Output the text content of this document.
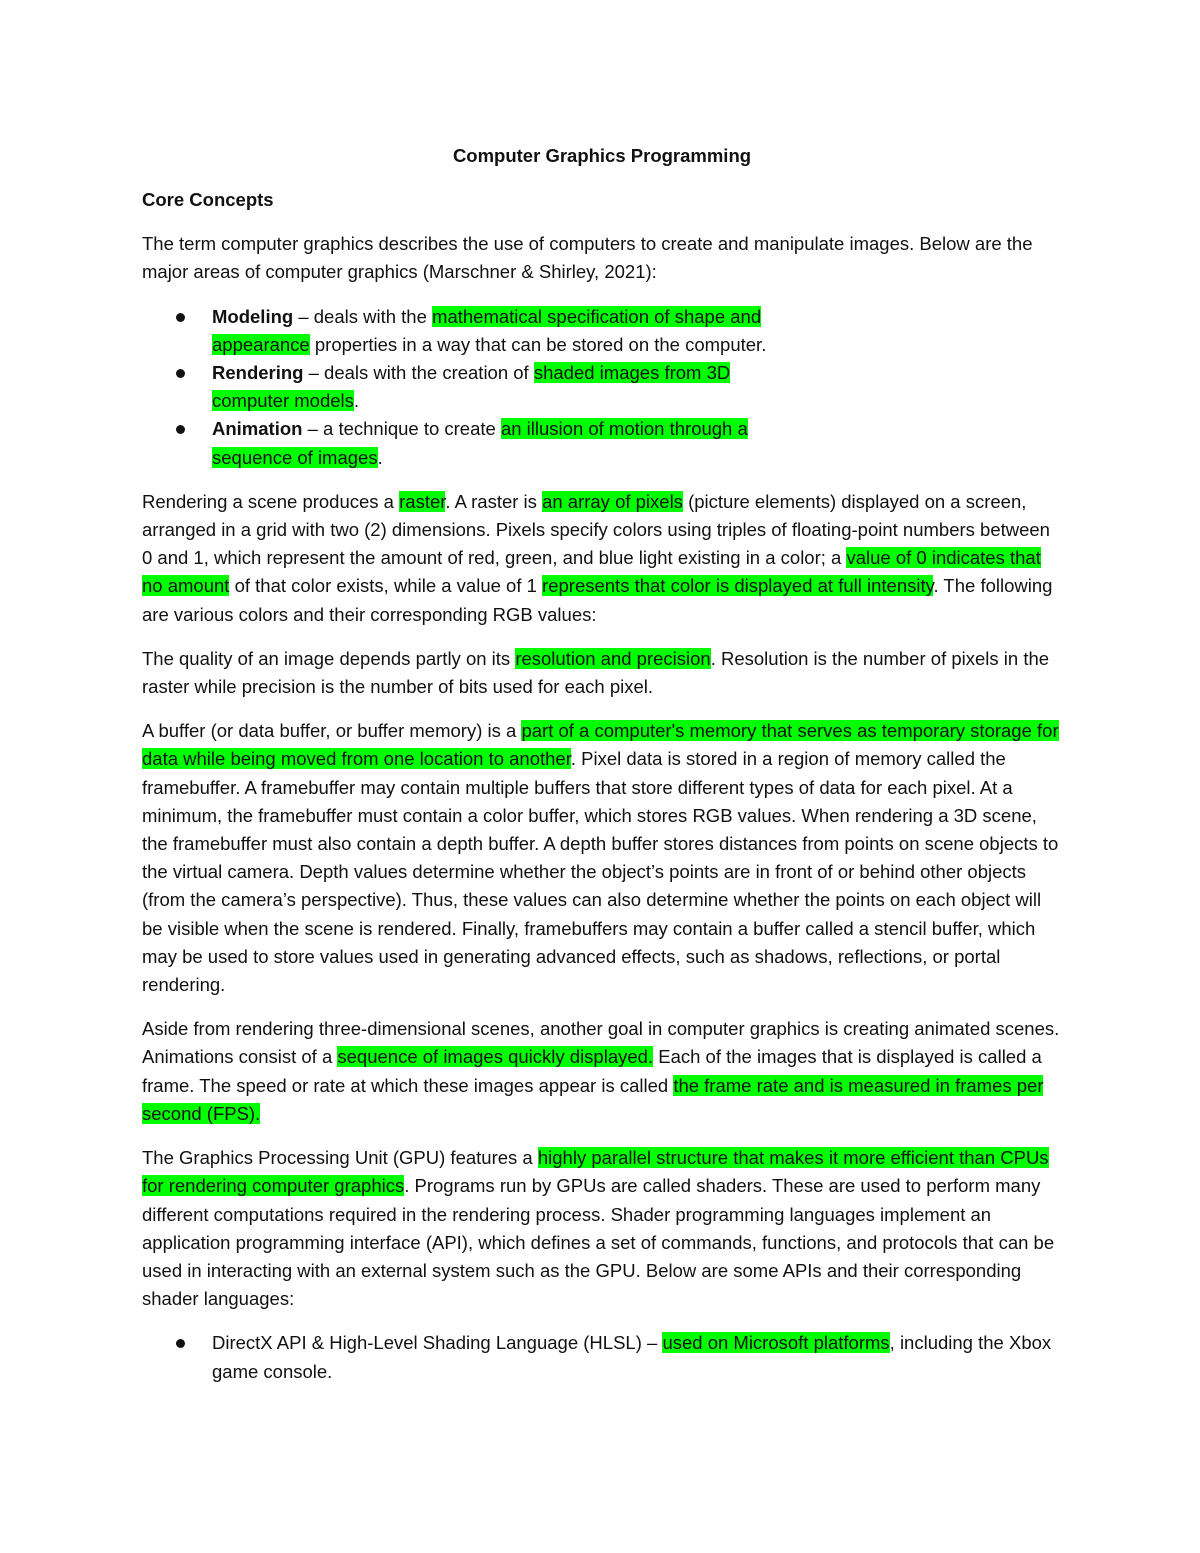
Computer Graphics Programming
Core Concepts

The term computer graphics describes the use of computers to create and manipulate images. Below are the major areas of computer graphics (Marschner & Shirley, 2021):

Modeling – deals with the mathematical specification of shape and appearance properties in a way that can be stored on the computer.
Rendering – deals with the creation of shaded images from 3D computer models.
Animation – a technique to create an illusion of motion through a sequence of images.

Rendering a scene produces a raster. A raster is an array of pixels (picture elements) displayed on a screen, arranged in a grid with two (2) dimensions. Pixels specify colors using triples of floating-point numbers between 0 and 1, which represent the amount of red, green, and blue light existing in a color; a value of 0 indicates that no amount of that color exists, while a value of 1 represents that color is displayed at full intensity. The following are various colors and their corresponding RGB values:

The quality of an image depends partly on its resolution and precision. Resolution is the number of pixels in the raster while precision is the number of bits used for each pixel.

A buffer (or data buffer, or buffer memory) is a part of a computer's memory that serves as temporary storage for data while being moved from one location to another. Pixel data is stored in a region of memory called the framebuffer. A framebuffer may contain multiple buffers that store different types of data for each pixel. At a minimum, the framebuffer must contain a color buffer, which stores RGB values. When rendering a 3D scene, the framebuffer must also contain a depth buffer. A depth buffer stores distances from points on scene objects to the virtual camera. Depth values determine whether the object’s points are in front of or behind other objects (from the camera’s perspective). Thus, these values can also determine whether the points on each object will be visible when the scene is rendered. Finally, framebuffers may contain a buffer called a stencil buffer, which may be used to store values used in generating advanced effects, such as shadows, reflections, or portal rendering.

Aside from rendering three-dimensional scenes, another goal in computer graphics is creating animated scenes. Animations consist of a sequence of images quickly displayed. Each of the images that is displayed is called a frame. The speed or rate at which these images appear is called the frame rate and is measured in frames per second (FPS).

The Graphics Processing Unit (GPU) features a highly parallel structure that makes it more efficient than CPUs for rendering computer graphics. Programs run by GPUs are called shaders. These are used to perform many different computations required in the rendering process. Shader programming languages implement an application programming interface (API), which defines a set of commands, functions, and protocols that can be used in interacting with an external system such as the GPU. Below are some APIs and their corresponding shader languages:

DirectX API & High-Level Shading Language (HLSL) – used on Microsoft platforms, including the Xbox game console.
